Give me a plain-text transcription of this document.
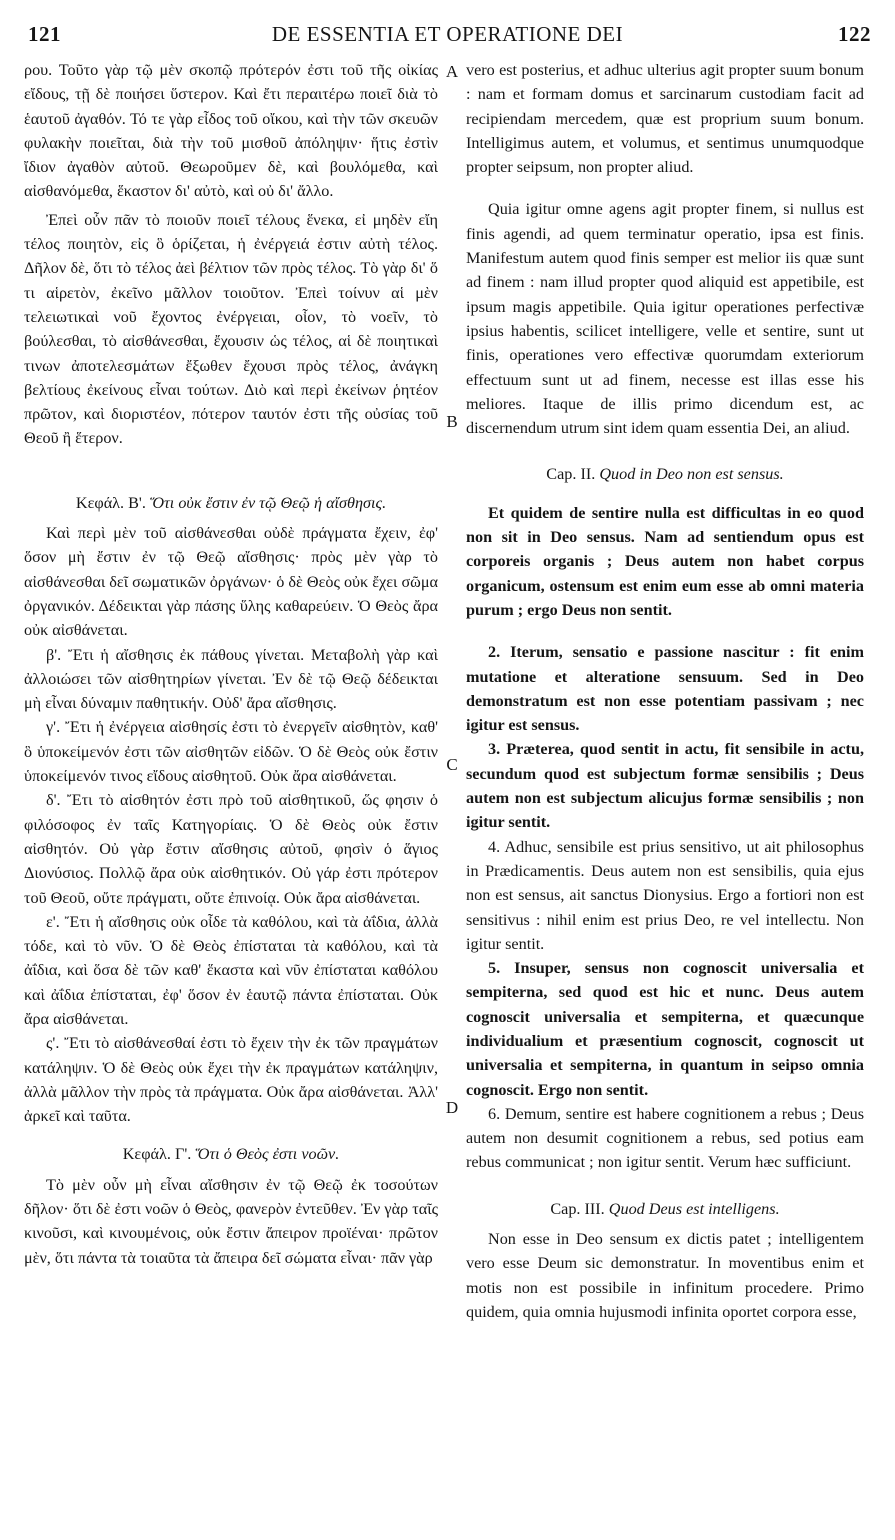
121	DE ESSENTIA ET OPERATIONE DEI	122
A
B
C
D

ρου. Τοῦτο γὰρ τῷ μὲν σκοπῷ πρότερόν ἐστι τοῦ τῆς οἰκίας εἴδους, τῇ δὲ ποιήσει ὕστερον. Καὶ ἔτι περαιτέρω ποιεῖ διὰ τὸ ἑαυτοῦ ἀγαθόν. Τό τε γὰρ εἶδος τοῦ οἴκου, καὶ τὴν τῶν σκευῶν φυλακὴν ποιεῖται, διὰ τὴν τοῦ μισθοῦ ἀπόληψιν· ἥτις ἐστὶν ἴδιον ἀγαθὸν αὐτοῦ. Θεωροῦμεν δὲ, καὶ βουλόμεθα, καὶ αἰσθανόμεθα, ἕκαστον δι' αὐτὸ, καὶ οὐ δι' ἄλλο.

Ἐπεὶ οὖν πᾶν τὸ ποιοῦν ποιεῖ τέλους ἕνεκα, εἰ μηδὲν εἴη τέλος ποιητὸν, εἰς ὃ ὁρίζεται, ἡ ἐνέργειά ἐστιν αὐτὴ τέλος. Δῆλον δὲ, ὅτι τὸ τέλος ἀεὶ βέλτιον τῶν πρὸς τέλος. Τὸ γὰρ δι' ὅ τι αἱρετὸν, ἐκεῖνο μᾶλλον τοιοῦτον. Ἐπεὶ τοίνυν αἱ μὲν τελειωτικαὶ νοῦ ἔχοντος ἐνέργειαι, οἷον, τὸ νοεῖν, τὸ βούλεσθαι, τὸ αἰσθάνεσθαι, ἔχουσιν ὡς τέλος, αἱ δὲ ποιητικαὶ τινων ἀποτελεσμάτων ἔξωθεν ἔχουσι πρὸς τέλος, ἀνάγκη βελτίους ἐκείνους εἶναι τούτων. Διὸ καὶ περὶ ἐκείνων ῥητέον πρῶτον, καὶ διοριστέον, πότερον ταυτόν ἐστι τῆς οὐσίας τοῦ Θεοῦ ἢ ἕτερον.

Κεφάλ. Β'. Ὅτι οὐκ ἔστιν ἐν τῷ Θεῷ ἡ αἴσθησις.

Καὶ περὶ μὲν τοῦ αἰσθάνεσθαι οὐδὲ πράγματα ἔχειν, ἐφ' ὅσον μὴ ἔστιν ἐν τῷ Θεῷ αἴσθησις· πρὸς μὲν γὰρ τὸ αἰσθάνεσθαι δεῖ σωματικῶν ὀργάνων· ὁ δὲ Θεὸς οὐκ ἔχει σῶμα ὀργανικόν. Δέδεικται γὰρ πάσης ὕλης καθαρεύειν. Ὁ Θεὸς ἄρα οὐκ αἰσθάνεται.

β'. Ἔτι ἡ αἴσθησις ἐκ πάθους γίνεται. Μεταβολὴ γὰρ καὶ ἀλλοιώσει τῶν αἰσθητηρίων γίνεται. Ἐν δὲ τῷ Θεῷ δέδεικται μὴ εἶναι δύναμιν παθητικήν. Οὐδ' ἄρα αἴσθησις.

γ'. Ἔτι ἡ ἐνέργεια αἰσθησίς ἐστι τὸ ἐνεργεῖν αἰσθητὸν, καθ' ὃ ὑποκείμενόν ἐστι τῶν αἰσθητῶν εἰδῶν. Ὁ δὲ Θεὸς οὐκ ἔστιν ὑποκείμενόν τινος εἴδους αἰσθητοῦ. Οὐκ ἄρα αἰσθάνεται.

δ'. Ἔτι τὸ αἰσθητόν ἐστι πρὸ τοῦ αἰσθητικοῦ, ὥς φησιν ὁ φιλόσοφος ἐν ταῖς Κατηγορίαις. Ὁ δὲ Θεὸς οὐκ ἔστιν αἰσθητόν. Οὐ γὰρ ἔστιν αἴσθησις αὐτοῦ, φησὶν ὁ ἅγιος Διονύσιος. Πολλῷ ἄρα οὐκ αἰσθητικόν. Οὐ γάρ ἐστι πρότερον τοῦ Θεοῦ, οὔτε πράγματι, οὔτε ἐπινοίᾳ. Οὐκ ἄρα αἰσθάνεται.

ε'. Ἔτι ἡ αἴσθησις οὐκ οἶδε τὰ καθόλου, καὶ τὰ ἀΐδια, ἀλλὰ τόδε, καὶ τὸ νῦν. Ὁ δὲ Θεὸς ἐπίσταται τὰ καθόλου, καὶ τὰ ἀΐδια, καὶ ὅσα δὲ τῶν καθ' ἕκαστα καὶ νῦν ἐπίσταται καθόλου καὶ ἀΐδια ἐπίσταται, ἐφ' ὅσον ἐν ἑαυτῷ πάντα ἐπίσταται. Οὐκ ἄρα αἰσθάνεται.

ς'. Ἔτι τὸ αἰσθάνεσθαί ἐστι τὸ ἔχειν τὴν ἐκ τῶν πραγμάτων κατάληψιν. Ὁ δὲ Θεὸς οὐκ ἔχει τὴν ἐκ πραγμάτων κατάληψιν, ἀλλὰ μᾶλλον τὴν πρὸς τὰ πράγματα. Οὐκ ἄρα αἰσθάνεται. Ἀλλ' ἀρκεῖ καὶ ταῦτα.

Κεφάλ. Γ'. Ὅτι ὁ Θεὸς ἐστι νοῶν.

Τὸ μὲν οὖν μὴ εἶναι αἴσθησιν ἐν τῷ Θεῷ ἐκ τοσούτων δῆλον· ὅτι δὲ ἐστι νοῶν ὁ Θεὸς, φανερὸν ἐντεῦθεν. Ἐν γὰρ ταῖς κινοῦσι, καὶ κινουμένοις, οὐκ ἔστιν ἄπειρον προϊέναι· πρῶτον μὲν, ὅτι πάντα τὰ τοιαῦτα τὰ ἄπειρα δεῖ σώματα εἶναι· πᾶν γὰρ

vero est posterius, et adhuc ulterius agit propter suum bonum : nam et formam domus et sarcinarum custodiam facit ad recipiendam mercedem, quæ est proprium suum bonum. Intelligimus autem, et volumus, et sentimus unumquodque propter seipsum, non propter aliud.

Quia igitur omne agens agit propter finem, si nullus est finis agendi, ad quem terminatur operatio, ipsa est finis. Manifestum autem quod finis semper est melior iis quæ sunt ad finem : nam illud propter quod aliquid est appetibile, est ipsum magis appetibile. Quia igitur operationes perfectivæ ipsius habentis, scilicet intelligere, velle et sentire, sunt ut finis, operationes vero effectivæ quorumdam exteriorum effectuum sunt ut ad finem, necesse est illas esse his meliores. Itaque de illis primo dicendum est, ac discernendum utrum sint idem quam essentia Dei, an aliud.

Cap. II. Quod in Deo non est sensus.

Et quidem de sentire nulla est difficultas in eo quod non sit in Deo sensus. Nam ad sentiendum opus est corporeis organis ; Deus autem non habet corpus organicum, ostensum est enim eum esse ab omni materia purum ; ergo Deus non sentit.

2. Iterum, sensatio e passione nascitur : fit enim mutatione et alteratione sensuum. Sed in Deo demonstratum est non esse potentiam passivam ; nec igitur est sensus.

3. Præterea, quod sentit in actu, fit sensibile in actu, secundum quod est subjectum formæ sensibilis ; Deus autem non est subjectum alicujus formæ sensibilis ; non igitur sentit.

4. Adhuc, sensibile est prius sensitivo, ut ait philosophus in Prædicamentis. Deus autem non est sensibilis, quia ejus non est sensus, ait sanctus Dionysius. Ergo a fortiori non est sensitivus : nihil enim est prius Deo, re vel intellectu. Non igitur sentit.

5. Insuper, sensus non cognoscit universalia et sempiterna, sed quod est hic et nunc. Deus autem cognoscit universalia et sempiterna, et quæcunque individualium et præsentium cognoscit, cognoscit ut universalia et sempiterna, in quantum in seipso omnia cognoscit. Ergo non sentit.

6. Demum, sentire est habere cognitionem a rebus ; Deus autem non desumit cognitionem a rebus, sed potius eam rebus communicat ; non igitur sentit. Verum hæc sufficiunt.

Cap. III. Quod Deus est intelligens.

Non esse in Deo sensum ex dictis patet ; intelligentem vero esse Deum sic demonstratur. In moventibus enim et motis non est possibile in infinitum procedere. Primo quidem, quia omnia hujusmodi infinita oportet corpora esse,
